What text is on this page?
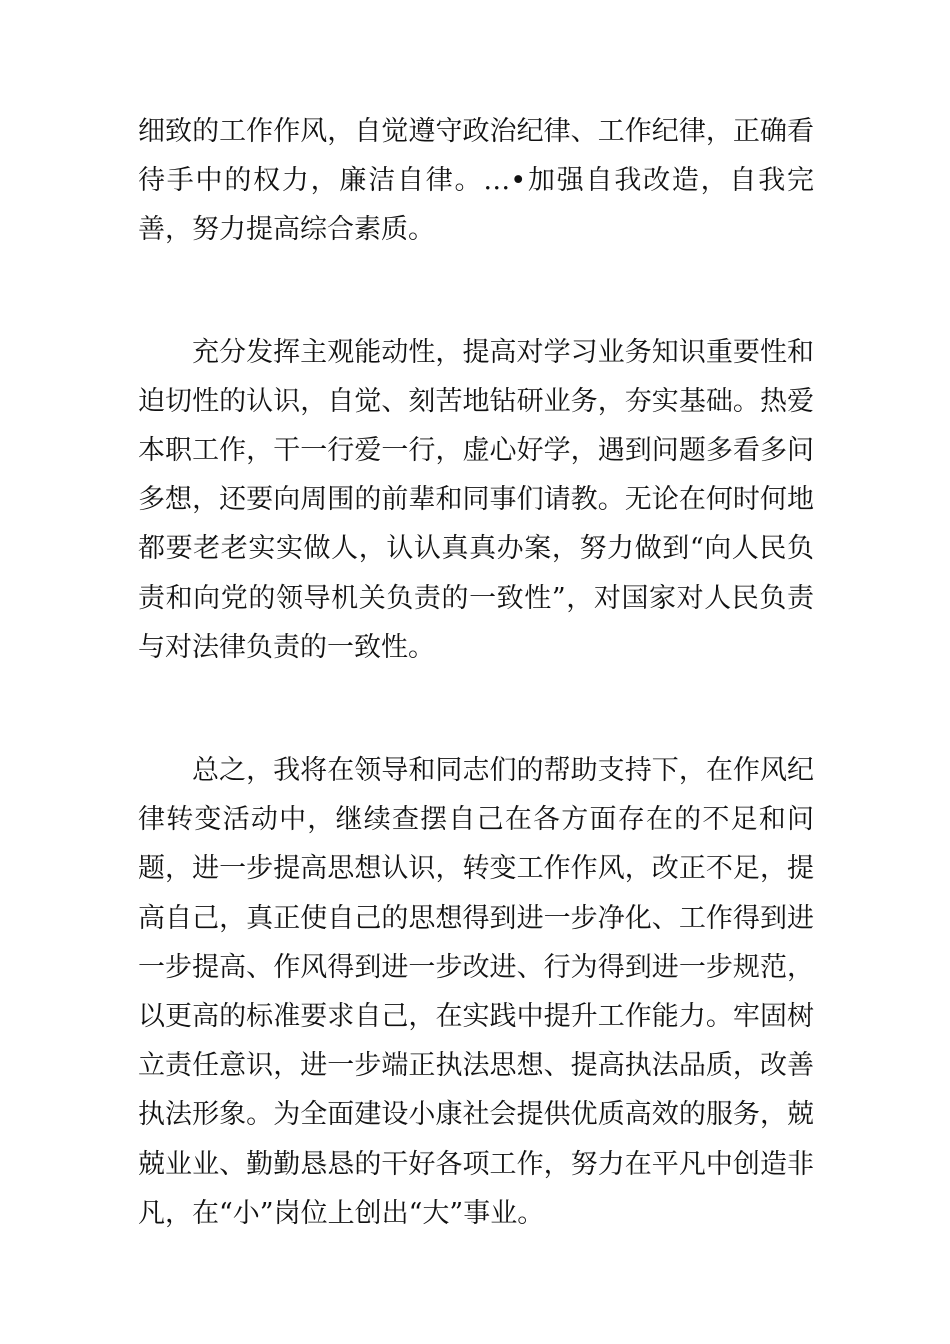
细致的工作作风，自觉遵守政治纪律、工作纪律，正确看待手中的权力，廉洁自律。…•加强自我改造，自我完善，努力提高综合素质。

充分发挥主观能动性，提高对学习业务知识重要性和迫切性的认识，自觉、刻苦地钻研业务，夯实基础。热爱本职工作，干一行爱一行，虚心好学，遇到问题多看多问多想，还要向周围的前辈和同事们请教。无论在何时何地都要老老实实做人，认认真真办案，努力做到“向人民负责和向党的领导机关负责的一致性”，对国家对人民负责与对法律负责的一致性。

总之，我将在领导和同志们的帮助支持下，在作风纪律转变活动中，继续查摆自己在各方面存在的不足和问题，进一步提高思想认识，转变工作作风，改正不足，提高自己，真正使自己的思想得到进一步净化、工作得到进一步提高、作风得到进一步改进、行为得到进一步规范，以更高的标准要求自己，在实践中提升工作能力。牢固树立责任意识，进一步端正执法思想、提高执法品质，改善执法形象。为全面建设小康社会提供优质高效的服务，兢兢业业、勤勤恳恳的干好各项工作，努力在平凡中创造非凡，在“小”岗位上创出“大”事业。
